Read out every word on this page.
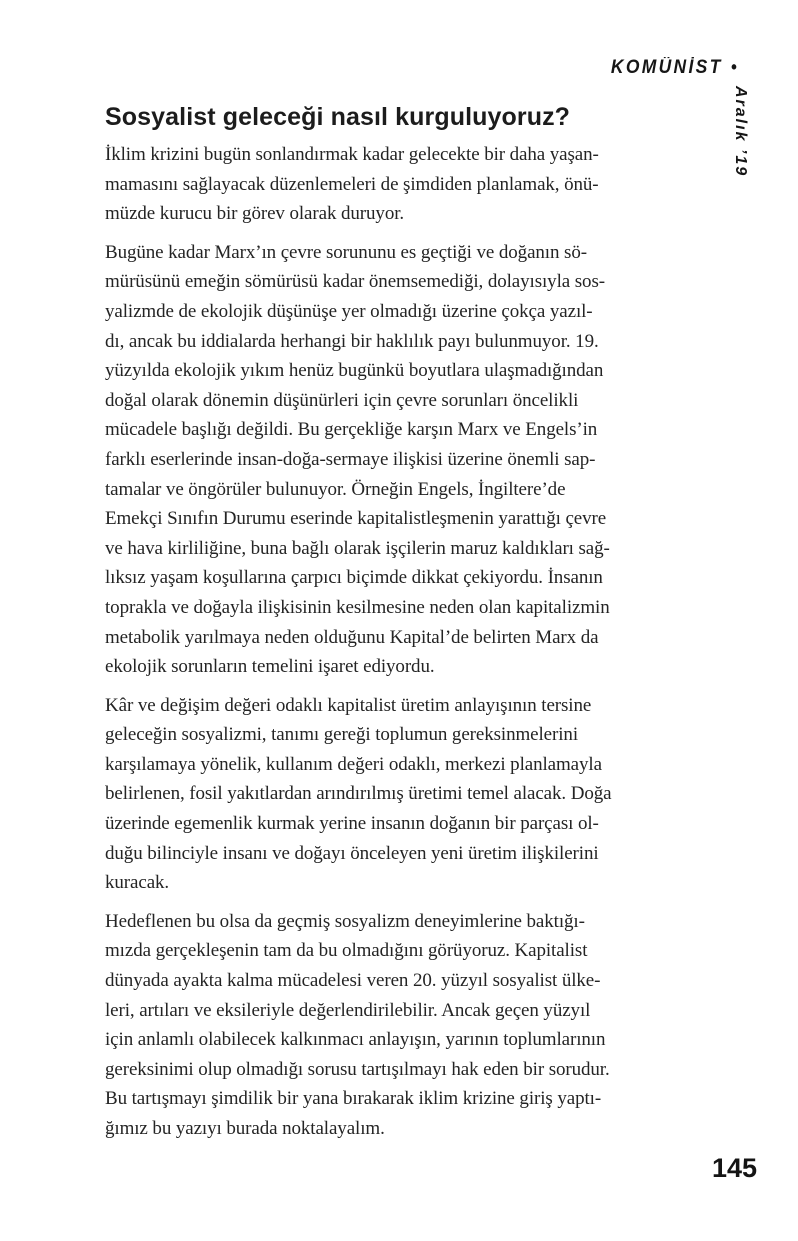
KOMÜNİST •
Aralık ’19
Sosyalist geleceği nasıl kurguluyoruz?
İklim krizini bugün sonlandırmak kadar gelecekte bir daha yaşan-
mamasını sağlayacak düzenlemeleri de şimdiden planlamak, önü-
müzde kurucu bir görev olarak duruyor.
Bugüne kadar Marx’ın çevre sorununu es geçtiği ve doğanın sö-
mürüsünü emeğin sömürüsü kadar önemsemediği, dolayısıyla sos-
yalizmde de ekolojik düşünüşe yer olmadığı üzerine çokça yazıl-
dı, ancak bu iddialarda herhangi bir haklılık payı bulunmuyor. 19.
yüzyılda ekolojik yıkım henüz bugünkü boyutlara ulaşmadığından
doğal olarak dönemin düşünürleri için çevre sorunları öncelikli
mücadele başlığı değildi. Bu gerçekliğe karşın Marx ve Engels’in
farklı eserlerinde insan-doğa-sermaye ilişkisi üzerine önemli sap-
tamalar ve öngörüler bulunuyor. Örneğin Engels, İngiltere’de
Emekçi Sınıfın Durumu eserinde kapitalistleşmenin yarattığı çevre
ve hava kirliliğine, buna bağlı olarak işçilerin maruz kaldıkları sağ-
lıksız yaşam koşullarına çarpıcı biçimde dikkat çekiyordu. İnsanın
toprakla ve doğayla ilişkisinin kesilmesine neden olan kapitalizmin
metabolik yarılmaya neden olduğunu Kapital’de belirten Marx da
ekolojik sorunların temelini işaret ediyordu.
Kâr ve değişim değeri odaklı kapitalist üretim anlayışının tersine
geleceğin sosyalizmi, tanımı gereği toplumun gereksinmelerini
karşılamaya yönelik, kullanım değeri odaklı, merkezi planlamayla
belirlenen, fosil yakıtlardan arındırılmış üretimi temel alacak. Doğa
üzerinde egemenlik kurmak yerine insanın doğanın bir parçası ol-
duğu bilinciyle insanı ve doğayı önceleyen yeni üretim ilişkilerini
kuracak.
Hedeflenen bu olsa da geçmiş sosyalizm deneyimlerine baktığı-
mızda gerçekleşenin tam da bu olmadığını görüyoruz. Kapitalist
dünyada ayakta kalma mücadelesi veren 20. yüzyıl sosyalist ülke-
leri, artıları ve eksileriyle değerlendirilebilir. Ancak geçen yüzyıl
için anlamlı olabilecek kalkınmacı anlayışın, yarının toplumlarının
gereksinimi olup olmadığı sorusu tartışılmayı hak eden bir sorudur.
Bu tartışmayı şimdilik bir yana bırakarak iklim krizine giriş yaptı-
ğımız bu yazıyı burada noktalayalım.
145
